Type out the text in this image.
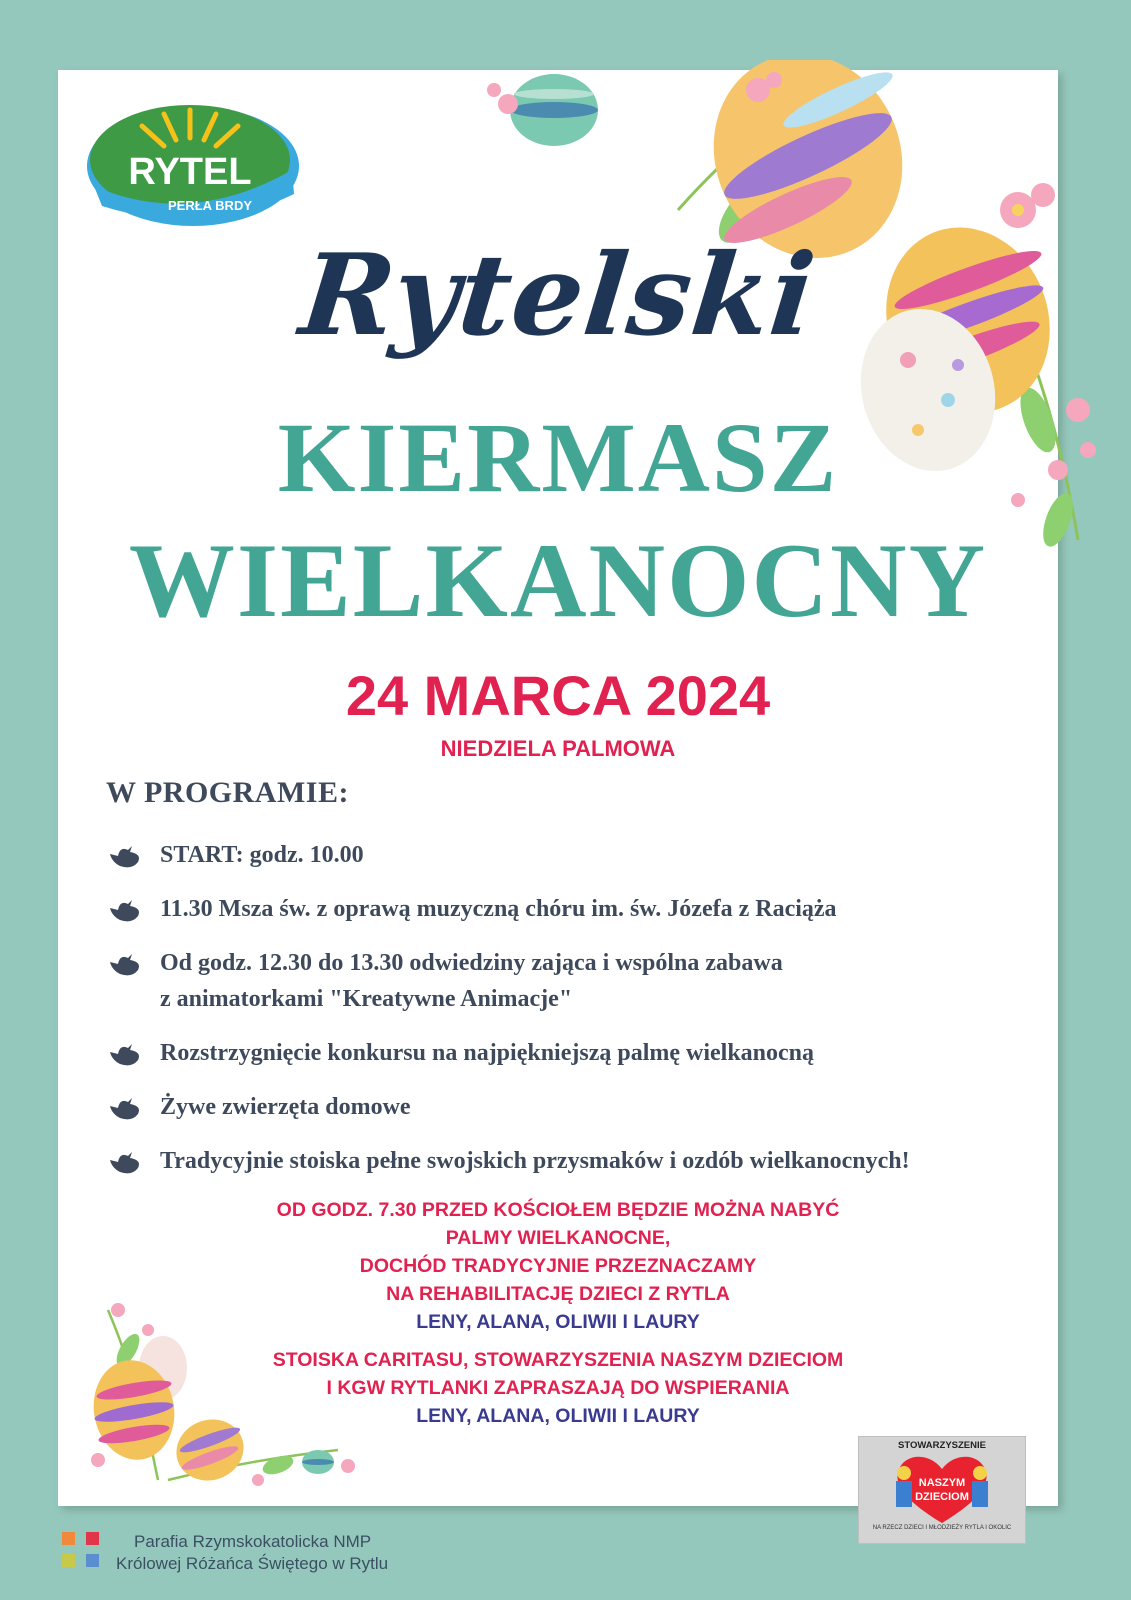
RYTEL
PERŁA BRDY
Rytelski
KIERMASZ
WIELKANOCNY
24 MARCA 2024
NIEDZIELA PALMOWA
W PROGRAMIE:
START: godz. 10.00
11.30 Msza św. z oprawą muzyczną chóru im. św. Józefa z Raciąża
Od godz. 12.30 do 13.30 odwiedziny zająca i wspólna zabawa
z animatorkami "Kreatywne Animacje"
Rozstrzygnięcie konkursu na najpiękniejszą palmę wielkanocną
Żywe zwierzęta domowe
Tradycyjnie stoiska pełne swojskich przysmaków i ozdób wielkanocnych!
OD GODZ. 7.30 PRZED KOŚCIOŁEM BĘDZIE MOŻNA NABYĆ
PALMY WIELKANOCNE,
DOCHÓD TRADYCYJNIE PRZEZNACZAMY
NA REHABILITACJĘ DZIECI Z RYTLA
LENY, ALANA, OLIWII I LAURY
STOISKA CARITASU, STOWARZYSZENIA NASZYM DZIECIOM
I KGW RYTLANKI ZAPRASZAJĄ DO WSPIERANIA
LENY, ALANA, OLIWII I LAURY
STOWARZYSZENIE
NASZYM
DZIECIOM
NA RZECZ DZIECI I MŁODZIEŻY RYTLA I OKOLIC
Parafia Rzymskokatolicka NMP
Królowej Różańca Świętego w Rytlu
